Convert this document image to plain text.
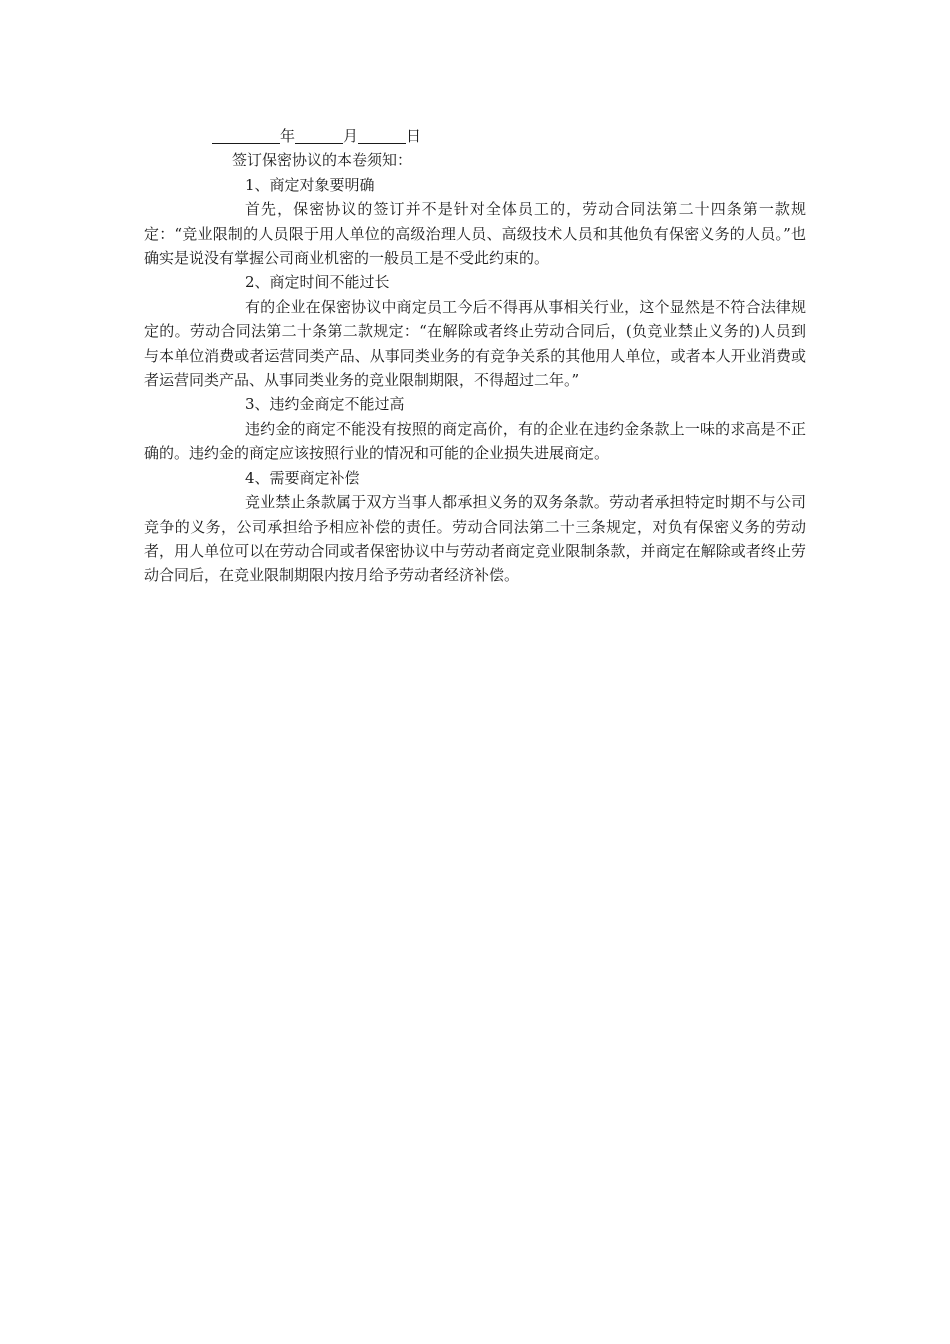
年	月	日
签订保密协议的本卷须知：
1、商定对象要明确

首先，保密协议的签订并不是针对全体员工的，劳动合同法第二十四条第一款规定：“竞业限制的人员限于用人单位的高级治理人员、高级技术人员和其他负有保密义务的人员。”也确实是说没有掌握公司商业机密的一般员工是不受此约束的。

2、商定时间不能过长

有的企业在保密协议中商定员工今后不得再从事相关行业，这个显然是不符合法律规定的。劳动合同法第二十条第二款规定：“在解除或者终止劳动合同后，(负竞业禁止义务的)人员到与本单位消费或者运营同类产品、从事同类业务的有竞争关系的其他用人单位，或者本人开业消费或者运营同类产品、从事同类业务的竞业限制期限，不得超过二年。”

3、违约金商定不能过高

违约金的商定不能没有按照的商定高价，有的企业在违约金条款上一味的求高是不正确的。违约金的商定应该按照行业的情况和可能的企业损失进展商定。

4、需要商定补偿

竞业禁止条款属于双方当事人都承担义务的双务条款。劳动者承担特定时期不与公司竞争的义务，公司承担给予相应补偿的责任。劳动合同法第二十三条规定，对负有保密义务的劳动者，用人单位可以在劳动合同或者保密协议中与劳动者商定竞业限制条款，并商定在解除或者终止劳动合同后，在竞业限制期限内按月给予劳动者经济补偿。
